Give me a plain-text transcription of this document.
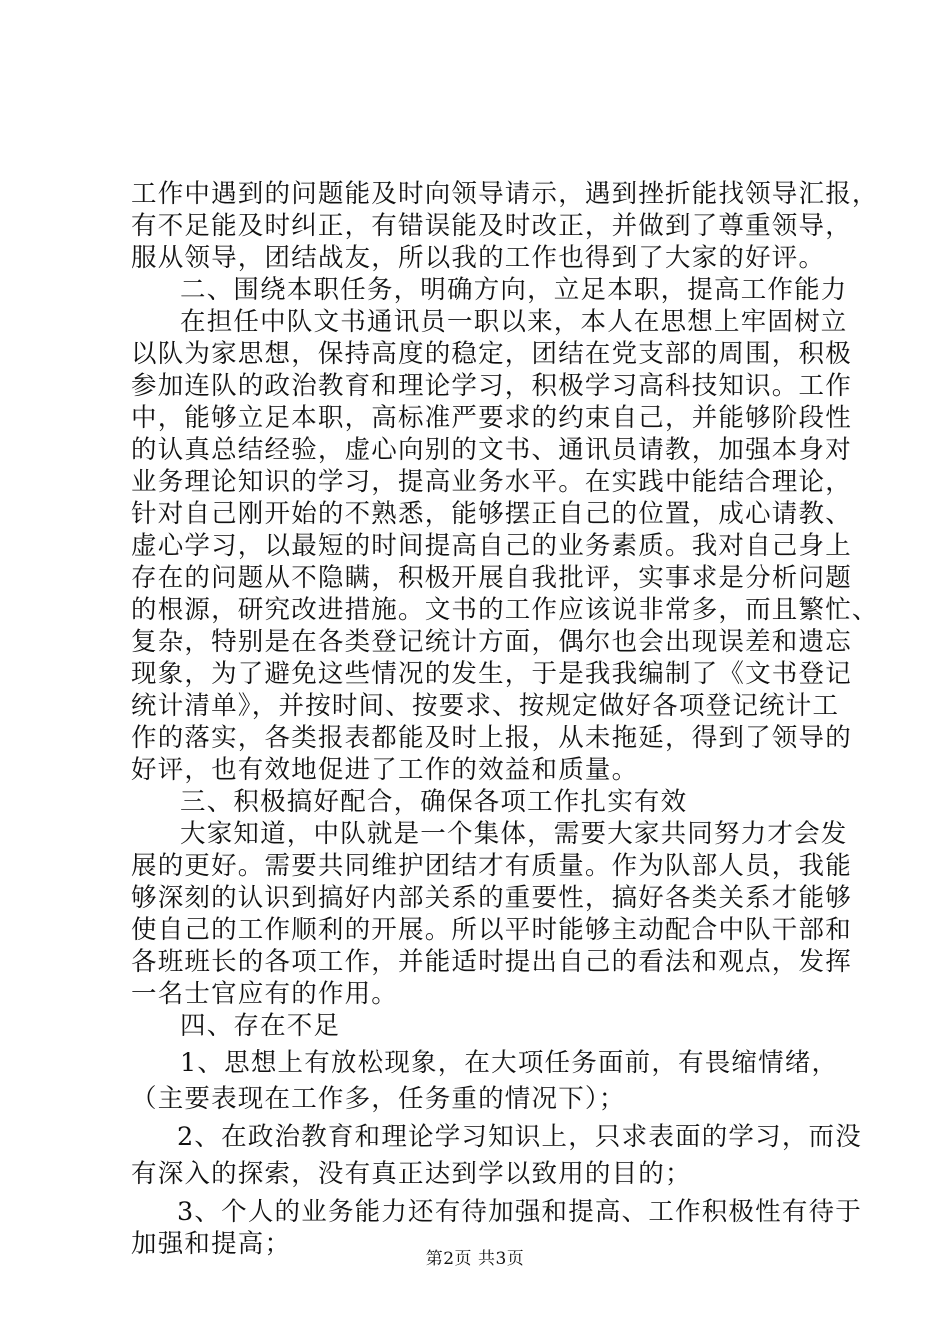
工作中遇到的问题能及时向领导请示，遇到挫折能找领导汇报，
有不足能及时纠正，有错误能及时改正，并做到了尊重领导，
服从领导，团结战友，所以我的工作也得到了大家的好评。
二、围绕本职任务，明确方向，立足本职，提高工作能力
在担任中队文书通讯员一职以来，本人在思想上牢固树立
以队为家思想，保持高度的稳定，团结在党支部的周围，积极
参加连队的政治教育和理论学习，积极学习高科技知识。工作
中，能够立足本职，高标准严要求的约束自己，并能够阶段性
的认真总结经验，虚心向别的文书、通讯员请教，加强本身对
业务理论知识的学习，提高业务水平。在实践中能结合理论，
针对自己刚开始的不熟悉，能够摆正自己的位置，成心请教、
虚心学习，以最短的时间提高自己的业务素质。我对自己身上
存在的问题从不隐瞒，积极开展自我批评，实事求是分析问题
的根源，研究改进措施。文书的工作应该说非常多，而且繁忙、
复杂，特别是在各类登记统计方面，偶尔也会出现误差和遗忘
现象，为了避免这些情况的发生，于是我我编制了《文书登记
统计清单》，并按时间、按要求、按规定做好各项登记统计工
作的落实，各类报表都能及时上报，从未拖延，得到了领导的
好评，也有效地促进了工作的效益和质量。
三、积极搞好配合，确保各项工作扎实有效
大家知道，中队就是一个集体，需要大家共同努力才会发
展的更好。需要共同维护团结才有质量。作为队部人员，我能
够深刻的认识到搞好内部关系的重要性，搞好各类关系才能够
使自己的工作顺利的开展。所以平时能够主动配合中队干部和
各班班长的各项工作，并能适时提出自己的看法和观点，发挥
一名士官应有的作用。
四、存在不足
1、思想上有放松现象，在大项任务面前，有畏缩情绪，
（主要表现在工作多，任务重的情况下）；
2、在政治教育和理论学习知识上，只求表面的学习，而没
有深入的探索，没有真正达到学以致用的目的；
3、个人的业务能力还有待加强和提高、工作积极性有待于
加强和提高；	第2页 共3页
